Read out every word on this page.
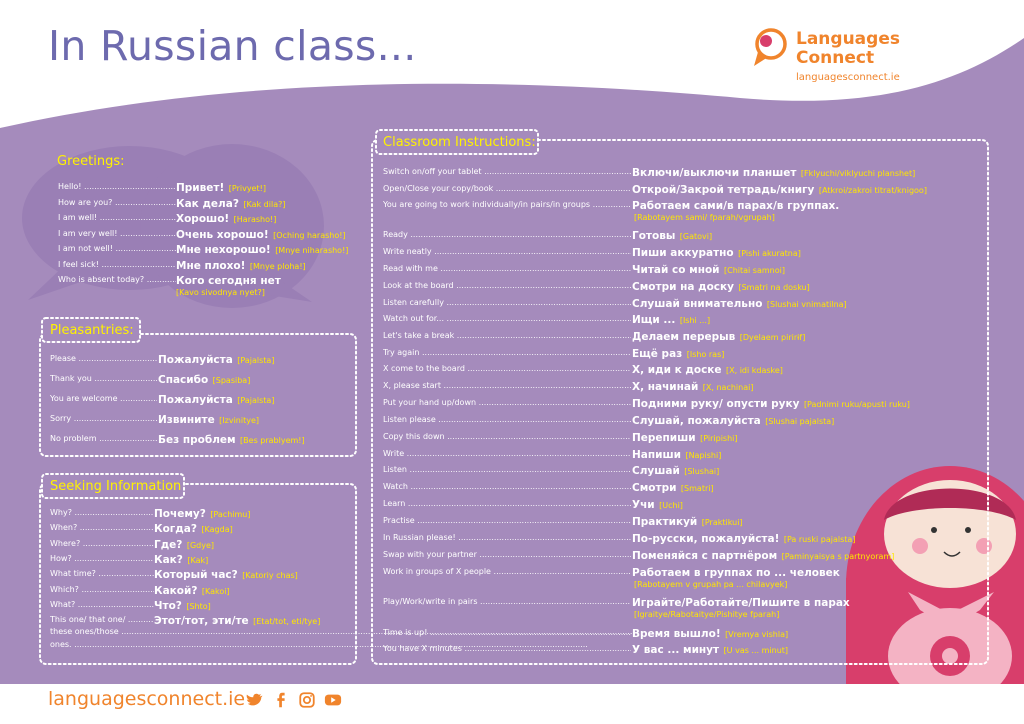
In Russian class...	Languages
Connect
languagesconnect.ie
Greetings:
Hello! .....	Привет! [Privyet!]
How are you? .....	Как дела? [Kak dila?]
I am well! .....	Хорошо! [Harasho!]
I am very well! .....	Очень хорошо! [Oching harasho!]
I am not well! .....	Мне нехорошо! [Mnye niharasho!]
I feel sick! .....	Мне плохо! [Mnye ploha!]
Who is absent today? .....	Кого сегодня нет
[Kavo sivodnya nyet?]
Pleasantries:
Please .....	Пожалуйста [Pajalsta]
Thank you .....	Спасибо [Spasiba]
You are welcome .....	Пожалуйста [Pajalsta]
Sorry .....	Извините [Izvinitye]
No problem .....	Без проблем [Bes prablyem!]
Seeking Information
Why? .....	Почему? [Pachimu]
When? .....	Когда? [Kagda]
Where? .....	Где? [Gdye]
How? .....	Как? [Kak]
What time? .....	Который час? [Katoriy chas]
Which? .....	Какой? [Kakoi]
What? .....	Что? [Shto]
This one/ that one/ .....	Этот/тот, эти/те [Etat/tot, eti/tye]
these ones/those .....
ones. .....
Classroom Instructions:
Switch on/off your tablet .....	Включи/выключи планшет [Fklyuchi/viklyuchi planshet]
Open/Close your copy/book .....	Открой/Закрой тетрадь/книгу [Atkroi/zakroi titrat/knigoo]
You are going to work individually/in pairs/in groups .....	Работаем сами/в парах/в группах.
[Rabotayem sami/ fparah/vgrupah]
Ready .....	Готовы [Gatovi]
Write neatly .....	Пиши аккуратно [Pishi akuratna]
Read with me .....	Читай со мной [Chitai samnoi]
Look at the board .....	Смотри на доску [Smatri na dosku]
Listen carefully .....	Слушай внимательно [Slushai vnimatilna]
Watch out for... .....	Ищи ... [Ishi ...]
Let's take a break .....	Делаем перерыв [Dyelaem pirirɨf]
Try again .....	Ещё раз [Isho ras]
X come to the board .....	X, иди к доске [X, idi kdaske]
X, please start .....	X, начинай [X, nachinai]
Put your hand up/down .....	Подними руку/ опусти руку [Padnimi ruku/apusti ruku]
Listen please .....	Слушай, пожалуйста [Slushai pajalsta]
Copy this down .....	Перепиши [Piripishi]
Write .....	Напиши [Napishi]
Listen .....	Слушай [Slushai]
Watch .....	Смотри [Smatri]
Learn .....	Учи [Uchi]
Practise .....	Практикуй [Praktikui]
In Russian please! .....	По-русски, пожалуйста! [Pa ruski pajalsta]
Swap with your partner .....	Поменяйся с партнёром [Paminyaisya s partnyoram]
Work in groups of X people .....	Работаем в группах по ... человек
[Rabotayem v grupah pa ... chilavyek]
Play/Work/write in pairs .....	Играйте/Работайте/Пишите в парах
[Igraitye/Rabotaitye/Pishitye fparah]
Time is up! .....	Время вышло! [Vremya vishla]
You have X minutes .....	У вас ... минут [U vas ... minut]
languagesconnect.ie
